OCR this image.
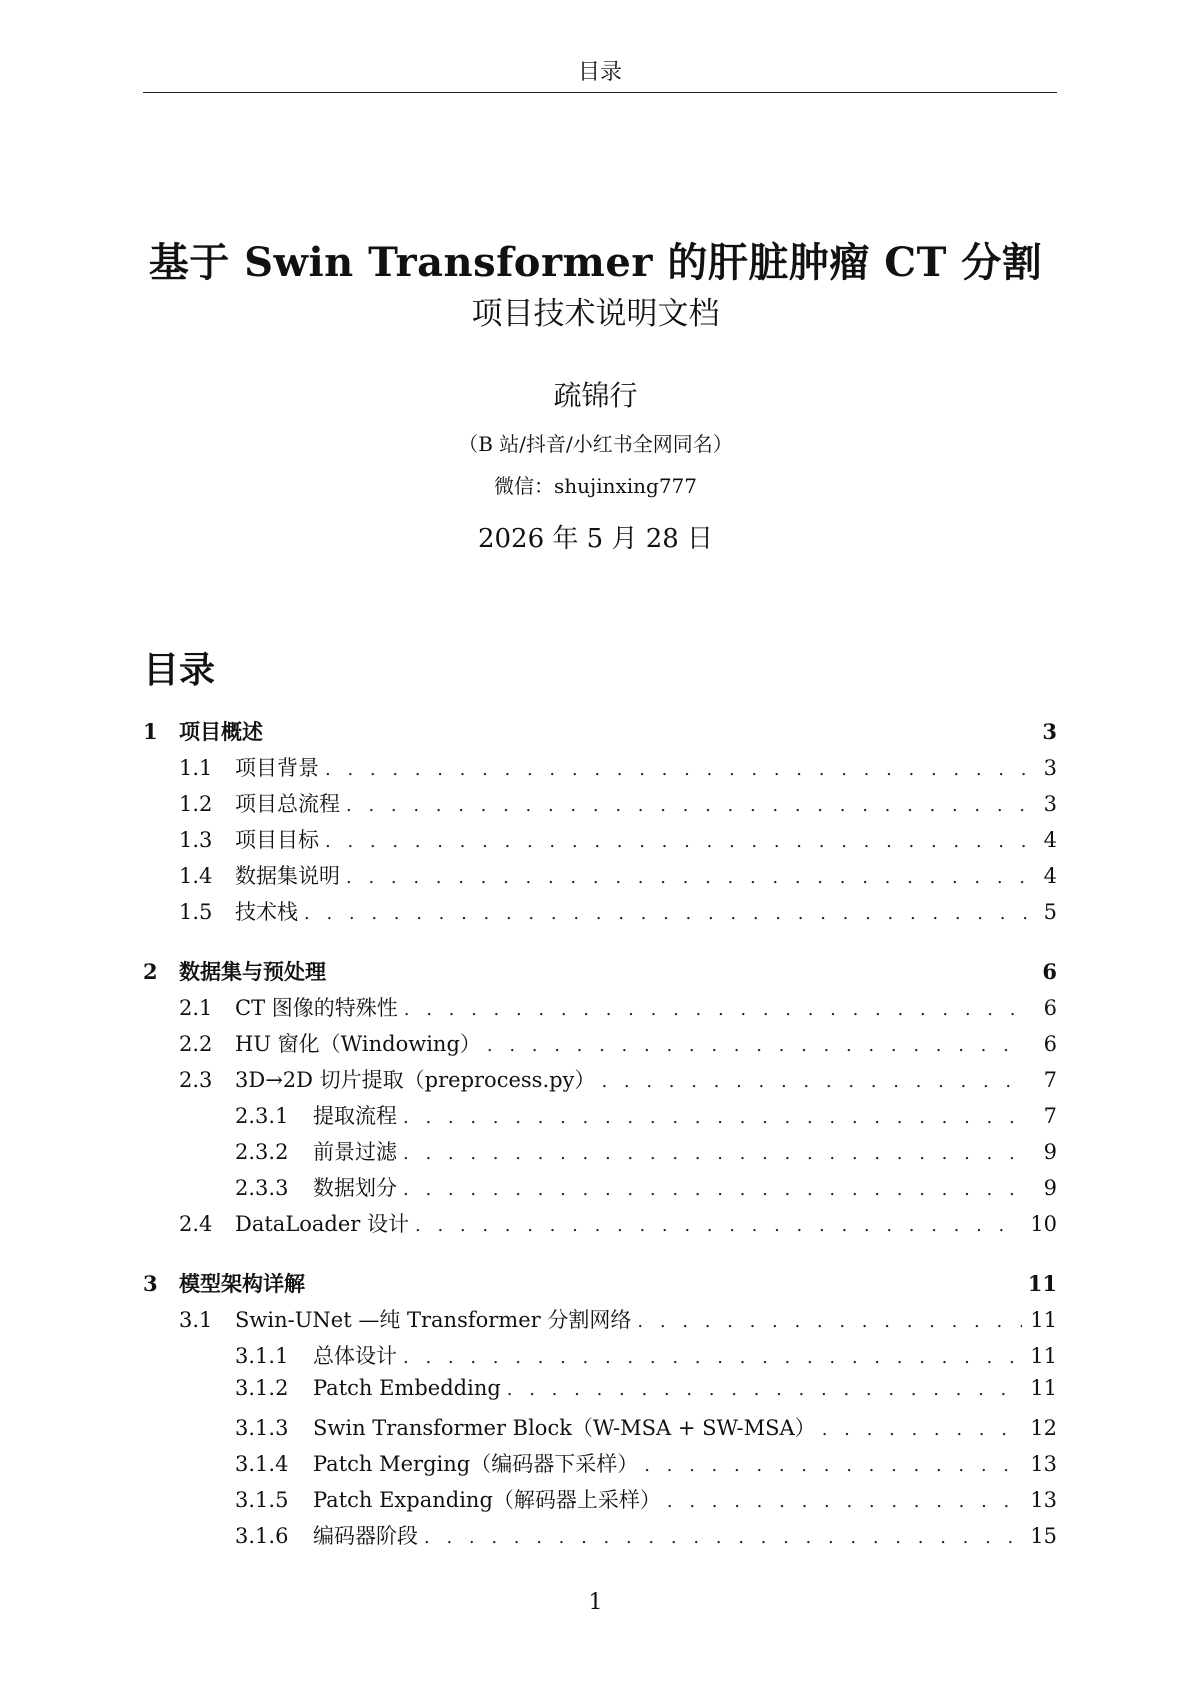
目录
基于 Swin Transformer 的肝脏肿瘤 CT 分割
项目技术说明文档
疏锦行
（B 站/抖音/小红书全网同名）
微信：shujinxing777
2026 年 5 月 28 日
目录
1	项目概述	3
1.1	项目背景 . . .	3
1.2	项目总流程 . . .	3
1.3	项目目标 . . .	4
1.4	数据集说明 . . .	4
1.5	技术栈 . . .	5
2	数据集与预处理	6
2.1	CT 图像的特殊性 . . .	6
2.2	HU 窗化（Windowing） . . .	6
2.3	3D→2D 切片提取（preprocess.py） . . .	7
2.3.1	提取流程 . . .	7
2.3.2	前景过滤 . . .	9
2.3.3	数据划分 . . .	9
2.4	DataLoader 设计 . . .	10
3	模型架构详解	11
3.1	Swin-UNet —纯 Transformer 分割网络 . . .	11
3.1.1	总体设计 . . .	11
3.1.2	Patch Embedding . . .	11
3.1.3	Swin Transformer Block（W-MSA + SW-MSA） . . .	12
3.1.4	Patch Merging（编码器下采样） . . .	13
3.1.5	Patch Expanding（解码器上采样） . . .	13
3.1.6	编码器阶段 . . .	15
1
